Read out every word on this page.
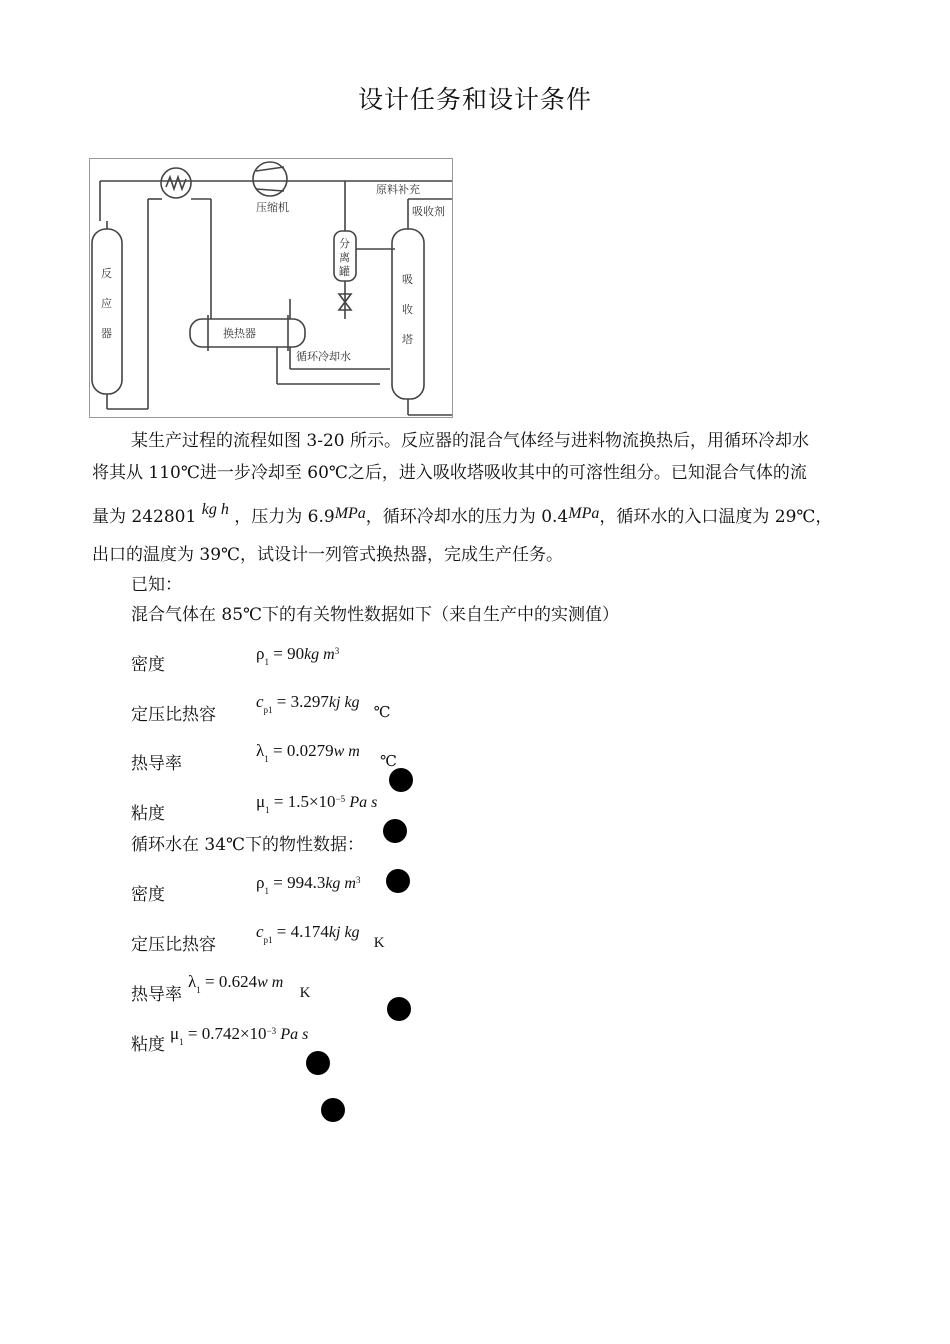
设计任务和设计条件
压缩机
原料补充
吸收剂
反
应
器
分
离
罐
吸
收
塔
换热器
循环冷却水
某生产过程的流程如图 3-20 所示。反应器的混合气体经与进料物流换热后，用循环冷却水
将其从 110℃进一步冷却至 60℃之后，进入吸收塔吸收其中的可溶性组分。已知混合气体的流
量为 242801 kg h ，压力为 6.9MPa，循环冷却水的压力为 0.4MPa，循环水的入口温度为 29℃，
出口的温度为 39℃，试设计一列管式换热器，完成生产任务。
已知：
混合气体在 85℃下的有关物性数据如下（来自生产中的实测值）
密度
$\rho_1 = 90kg$ $m^3$
定压比热容
$c_{p1} = 3.297kj$ kg ℃
热导率
$\lambda_1 = 0.0279w$ m ℃
粘度
$\mu_1 = 1.5\times 10^{-5}$ Pa s
循环水在 34℃下的物性数据：
密度
$\rho_1 = 994.3kg$ $m^3$
定压比热容
$c_{p1} = 4.174kj$ kg K
热导率
$\lambda_1 = 0.624w$ m K
粘度
$\mu_1 = 0.742\times 10^{-3}$ Pa s
